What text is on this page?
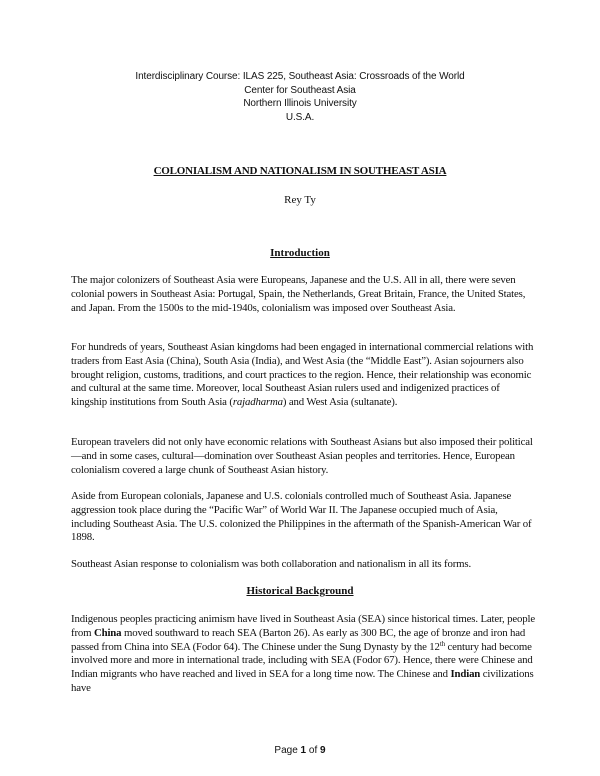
Interdisciplinary Course: ILAS 225, Southeast Asia: Crossroads of the World
Center for Southeast Asia
Northern Illinois University
U.S.A.
COLONIALISM AND NATIONALISM IN SOUTHEAST ASIA
Rey Ty
Introduction
The major colonizers of Southeast Asia were Europeans, Japanese and the U.S. All in all, there were seven colonial powers in Southeast Asia: Portugal, Spain, the Netherlands, Great Britain, France, the United States, and Japan. From the 1500s to the mid-1940s, colonialism was imposed over Southeast Asia.
For hundreds of years, Southeast Asian kingdoms had been engaged in international commercial relations with traders from East Asia (China), South Asia (India), and West Asia (the “Middle East”). Asian sojourners also brought religion, customs, traditions, and court practices to the region. Hence, their relationship was economic and cultural at the same time. Moreover, local Southeast Asian rulers used and indigenized practices of kingship institutions from South Asia (rajadharma) and West Asia (sultanate).
European travelers did not only have economic relations with Southeast Asians but also imposed their political—and in some cases, cultural—domination over Southeast Asian peoples and territories. Hence, European colonialism covered a large chunk of Southeast Asian history.
Aside from European colonials, Japanese and U.S. colonials controlled much of Southeast Asia. Japanese aggression took place during the “Pacific War” of World War II. The Japanese occupied much of Asia, including Southeast Asia. The U.S. colonized the Philippines in the aftermath of the Spanish-American War of 1898.
Southeast Asian response to colonialism was both collaboration and nationalism in all its forms.
Historical Background
Indigenous peoples practicing animism have lived in Southeast Asia (SEA) since historical times. Later, people from China moved southward to reach SEA (Barton 26). As early as 300 BC, the age of bronze and iron had passed from China into SEA (Fodor 64). The Chinese under the Sung Dynasty by the 12th century had become involved more and more in international trade, including with SEA (Fodor 67). Hence, there were Chinese and Indian migrants who have reached and lived in SEA for a long time now. The Chinese and Indian civilizations have
Page 1 of 9
